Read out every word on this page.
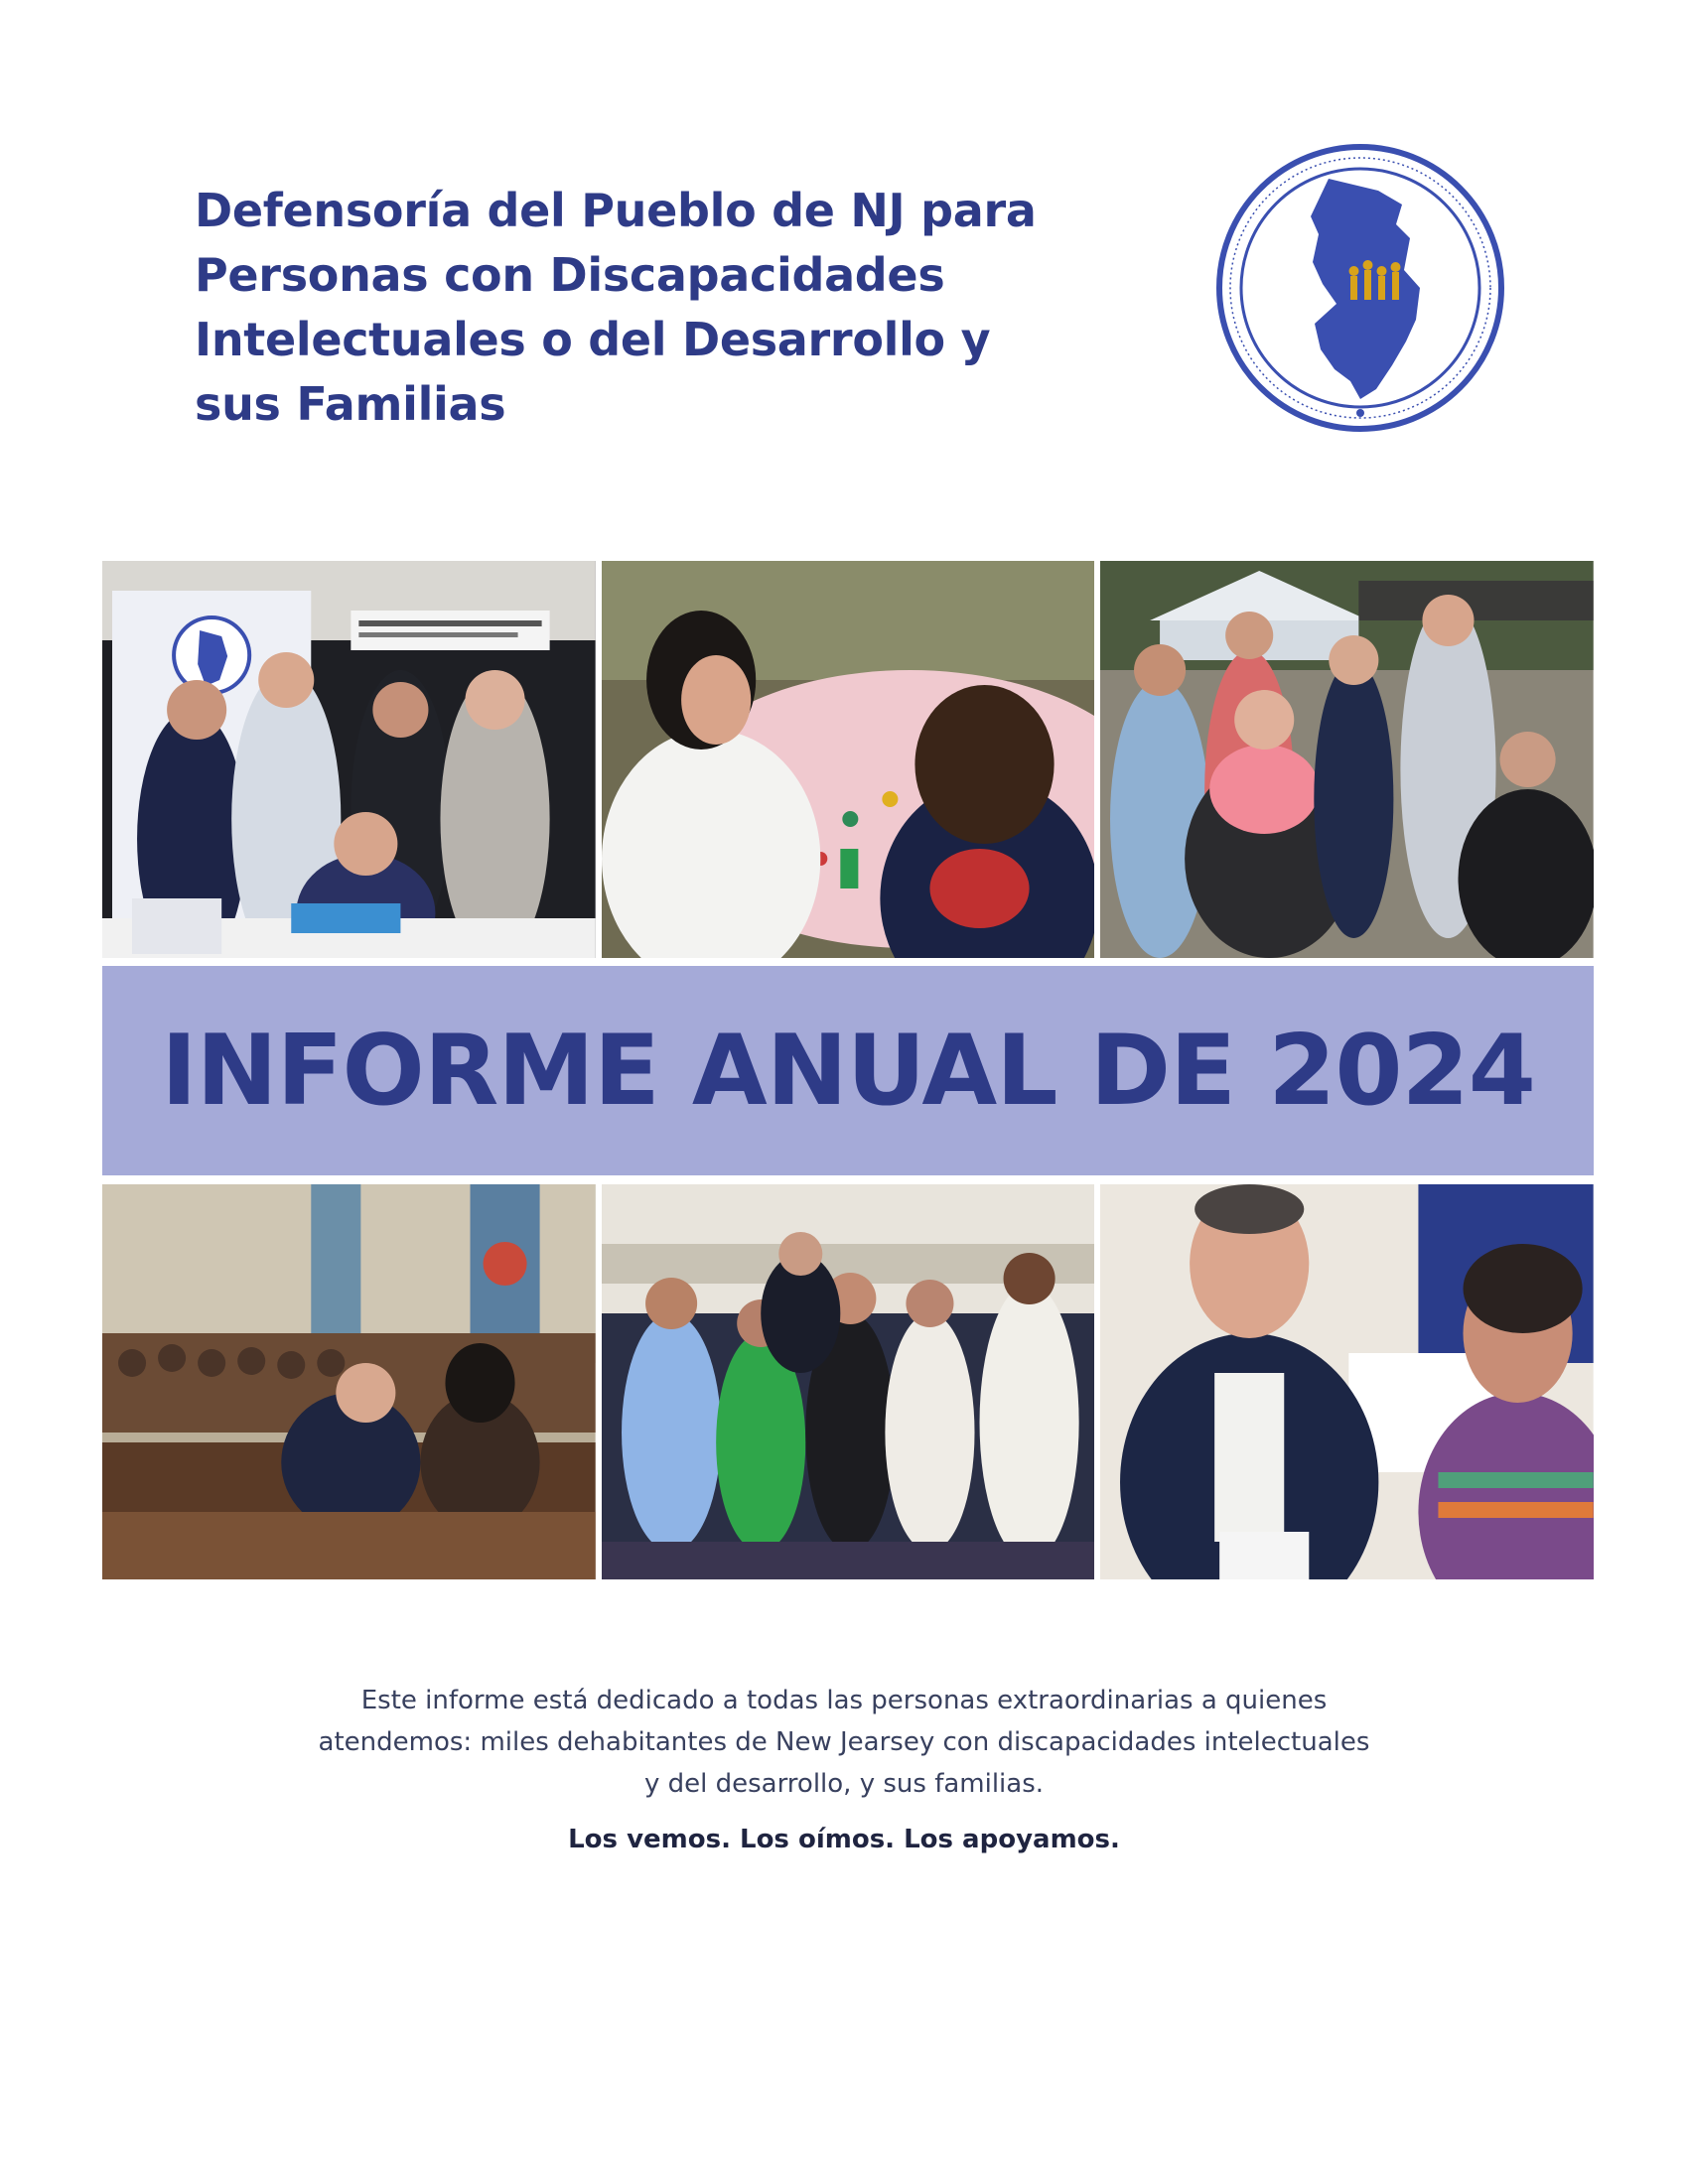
Defensoría del Pueblo de NJ para
Personas con Discapacidades
Intelectuales o del Desarrollo y
sus Familias
INFORME ANUAL DE 2024

Este informe está dedicado a todas las personas extraordinarias a quienes
atendemos: miles dehabitantes de New Jearsey con discapacidades intelectuales
y del desarrollo, y sus familias.

Los vemos. Los oímos. Los apoyamos.
